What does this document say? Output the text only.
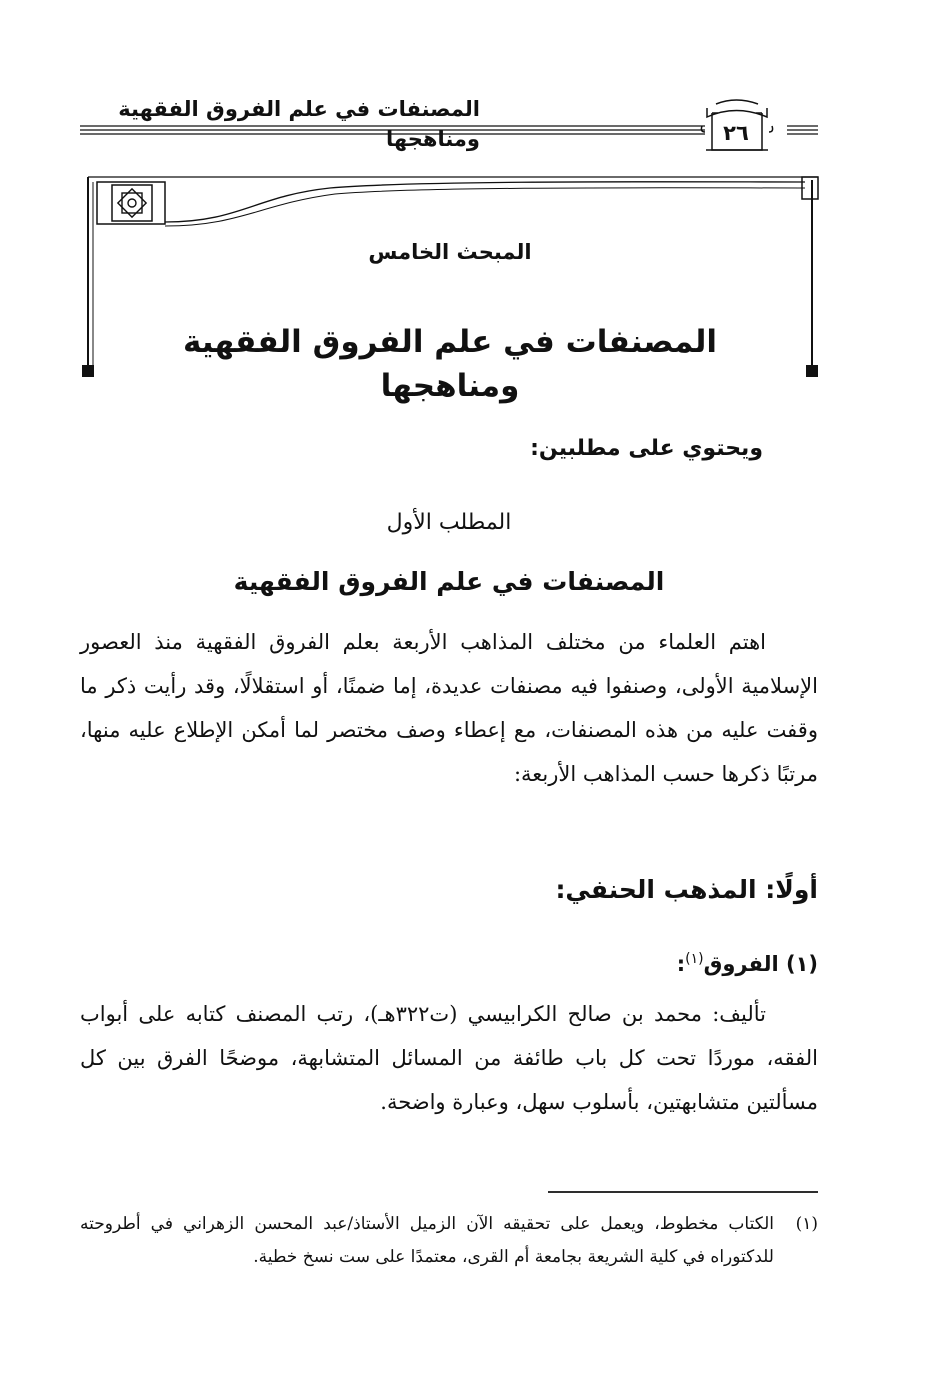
المصنفات في علم الفروق الفقهية ومناهجها	٢٦
المبحث الخامس
المصنفات في علم الفروق الفقهية ومناهجها
ويحتوي على مطلبين:
المطلب الأول
المصنفات في علم الفروق الفقهية
اهتم العلماء من مختلف المذاهب الأربعة بعلم الفروق الفقهية منذ العصور الإسلامية الأولى، وصنفوا فيه مصنفات عديدة، إما ضمنًا، أو استقلالًا، وقد رأيت ذكر ما وقفت عليه من هذه المصنفات، مع إعطاء وصف مختصر لما أمكن الإطلاع عليه منها، مرتبًا ذكرها حسب المذاهب الأربعة:
أولًا: المذهب الحنفي:
(١) الفروق$^{(١)}$:
تأليف: محمد بن صالح الكرابيسي (ت٣٢٢هـ)، رتب المصنف كتابه على أبواب الفقه، موردًا تحت كل باب طائفة من المسائل المتشابهة، موضحًا الفرق بين كل مسألتين متشابهتين، بأسلوب سهل، وعبارة واضحة.
(١)
الكتاب مخطوط، ويعمل على تحقيقه الآن الزميل الأستاذ/عبد المحسن الزهراني في أطروحته للدكتوراه في كلية الشريعة بجامعة أم القرى، معتمدًا على ست نسخ خطية.
